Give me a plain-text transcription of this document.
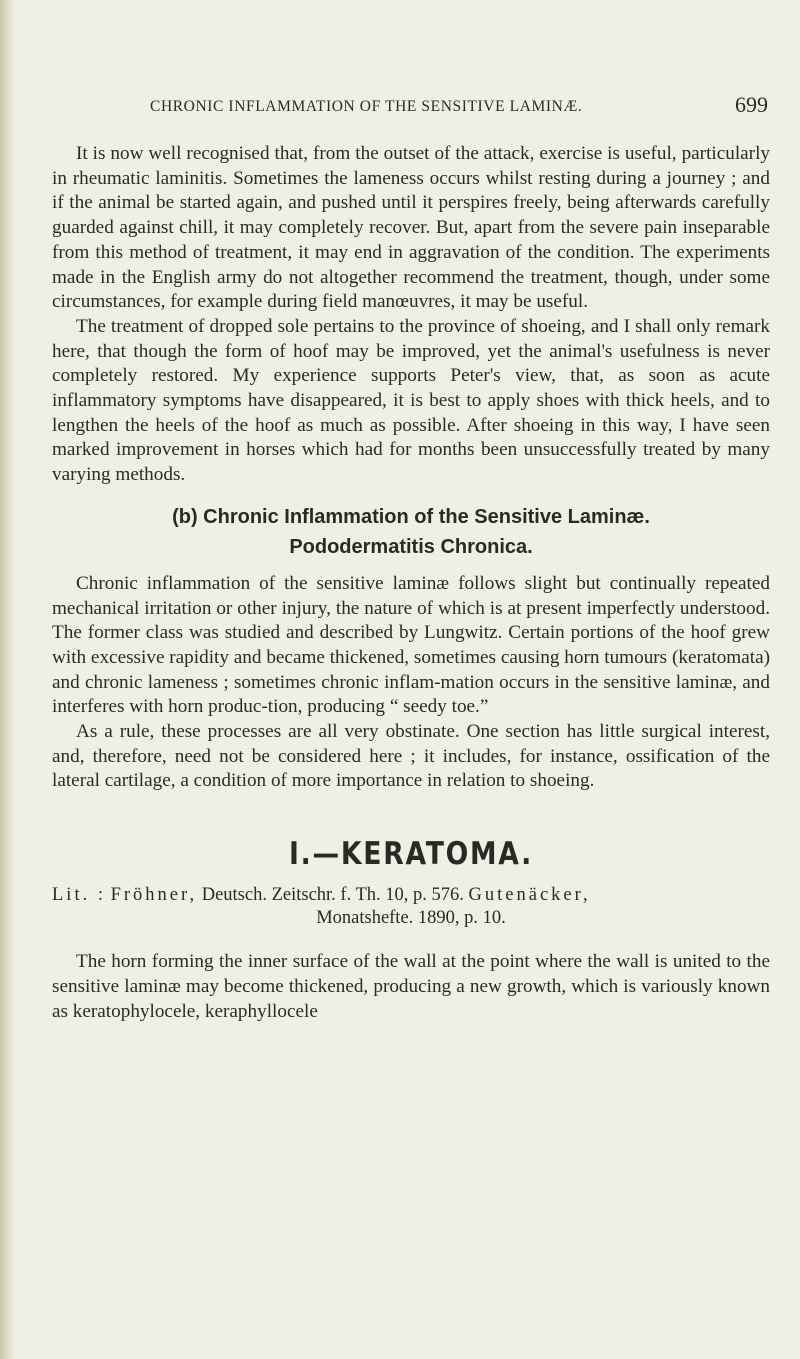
CHRONIC INFLAMMATION OF THE SENSITIVE LAMINÆ.	699

It is now well recognised that, from the outset of the attack, exercise is useful, particularly in rheumatic laminitis. Sometimes the lameness occurs whilst resting during a journey ; and if the animal be started again, and pushed until it perspires freely, being afterwards carefully guarded against chill, it may completely recover. But, apart from the severe pain inseparable from this method of treatment, it may end in aggravation of the condition. The experiments made in the English army do not altogether recommend the treatment, though, under some circumstances, for example during field manœuvres, it may be useful.

The treatment of dropped sole pertains to the province of shoeing, and I shall only remark here, that though the form of hoof may be improved, yet the animal's usefulness is never completely restored. My experience supports Peter's view, that, as soon as acute inflammatory symptoms have disappeared, it is best to apply shoes with thick heels, and to lengthen the heels of the hoof as much as possible. After shoeing in this way, I have seen marked improvement in horses which had for months been unsuccessfully treated by many varying methods.

(b) Chronic Inflammation of the Sensitive Laminæ.
Pododermatitis Chronica.

Chronic inflammation of the sensitive laminæ follows slight but continually repeated mechanical irritation or other injury, the nature of which is at present imperfectly understood. The former class was studied and described by Lungwitz. Certain portions of the hoof grew with excessive rapidity and became thickened, sometimes causing horn tumours (keratomata) and chronic lameness ; sometimes chronic inflam-mation occurs in the sensitive laminæ, and interferes with horn produc-tion, producing “ seedy toe.”

As a rule, these processes are all very obstinate. One section has little surgical interest, and, therefore, need not be considered here ; it includes, for instance, ossification of the lateral cartilage, a condition of more importance in relation to shoeing.

I.—KERATOMA.

Lit. : Fröhner, Deutsch. Zeitschr. f. Th. 10, p. 576. Gutenäcker,
Monatshefte. 1890, p. 10.

The horn forming the inner surface of the wall at the point where the wall is united to the sensitive laminæ may become thickened, producing a new growth, which is variously known as keratophylocele, keraphyllocele
